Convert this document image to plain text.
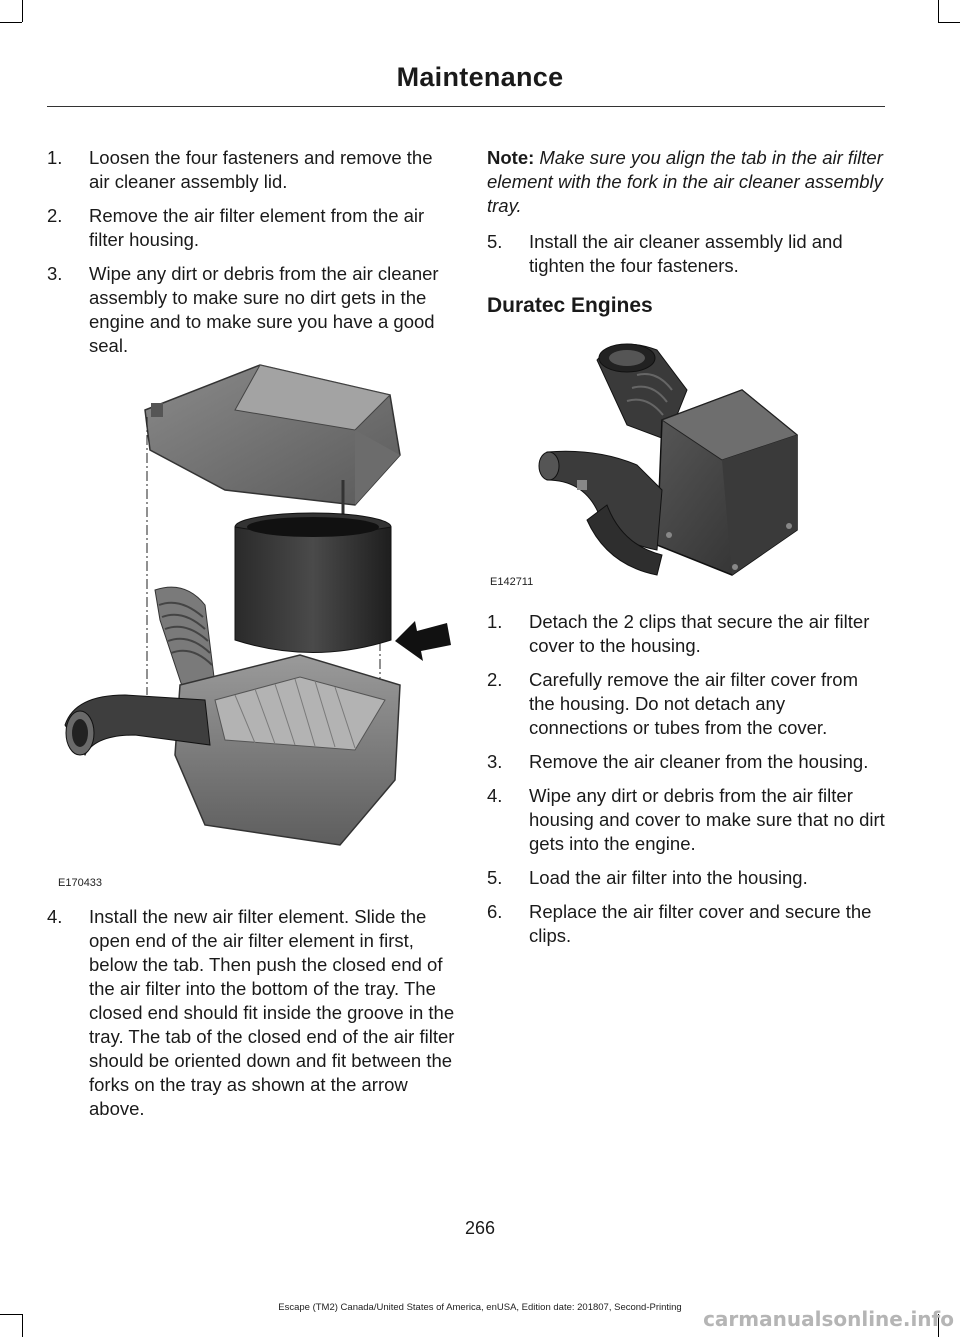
Maintenance
1. Loosen the four fasteners and remove the air cleaner assembly lid.
2. Remove the air filter element from the air filter housing.
3. Wipe any dirt or debris from the air cleaner assembly to make sure no dirt gets in the engine and to make sure you have a good seal.
E170433
4. Install the new air filter element. Slide the open end of the air filter element in first, below the tab. Then push the closed end of the air filter into the bottom of the tray. The closed end should fit inside the groove in the tray. The tab of the closed end of the air filter should be oriented down and fit between the forks on the tray as shown at the arrow above.

Note: Make sure you align the tab in the air filter element with the fork in the air cleaner assembly tray.

5. Install the air cleaner assembly lid and tighten the four fasteners.
Duratec Engines
E142711
1. Detach the 2 clips that secure the air filter cover to the housing.
2. Carefully remove the air filter cover from the housing. Do not detach any connections or tubes from the cover.
3. Remove the air cleaner from the housing.
4. Wipe any dirt or debris from the air filter housing and cover to make sure that no dirt gets into the engine.
5. Load the air filter into the housing.
6. Replace the air filter cover and secure the clips.
266
Escape (TM2) Canada/United States of America, enUSA, Edition date: 201807, Second-Printing	carmanualsonline.info
